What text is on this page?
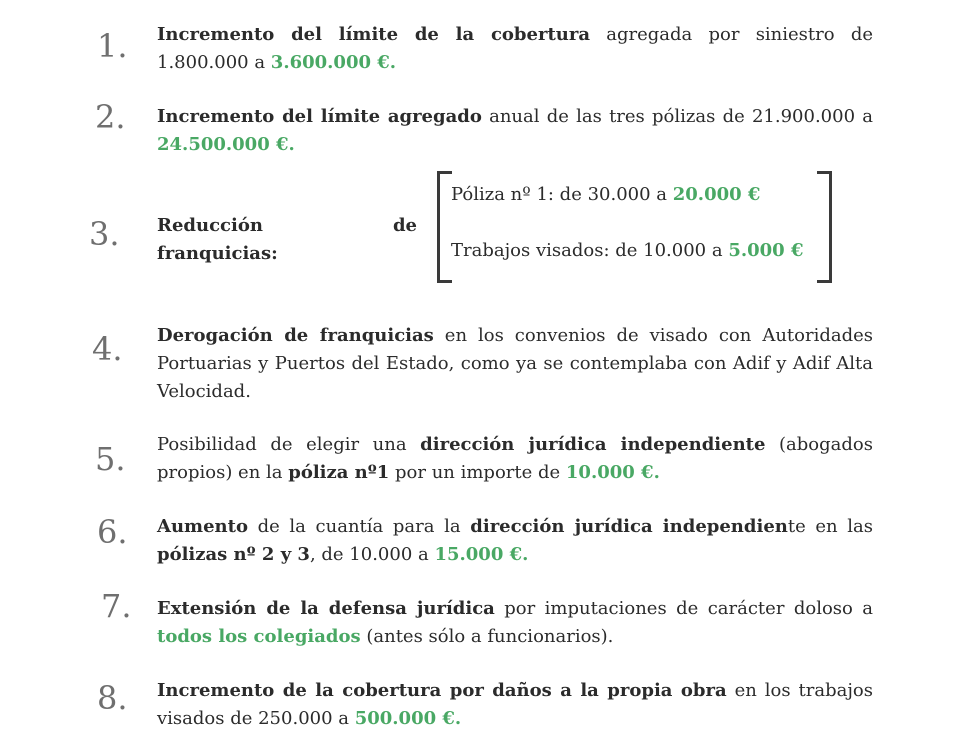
1. Incremento del límite de la cobertura agregada por siniestro de 1.800.000 a 3.600.000 €.

2. Incremento del límite agregado anual de las tres pólizas de 21.900.000 a 24.500.000 €.

3. Reducción de franquicias:

Póliza nº 1: de 30.000 a 20.000 €
Trabajos visados: de 10.000 a 5.000 €
4. Derogación de franquicias en los convenios de visado con Autoridades Portuarias y Puertos del Estado, como ya se contemplaba con Adif y Adif Alta Velocidad.

5. Posibilidad de elegir una dirección jurídica independiente (abogados propios) en la póliza nº1 por un importe de 10.000 €.

6. Aumento de la cuantía para la dirección jurídica independiente en las pólizas nº 2 y 3, de 10.000 a 15.000 €.

7. Extensión de la defensa jurídica por imputaciones de carácter doloso a todos los colegiados (antes sólo a funcionarios).

8. Incremento de la cobertura por daños a la propia obra en los trabajos visados de 250.000 a 500.000 €.
